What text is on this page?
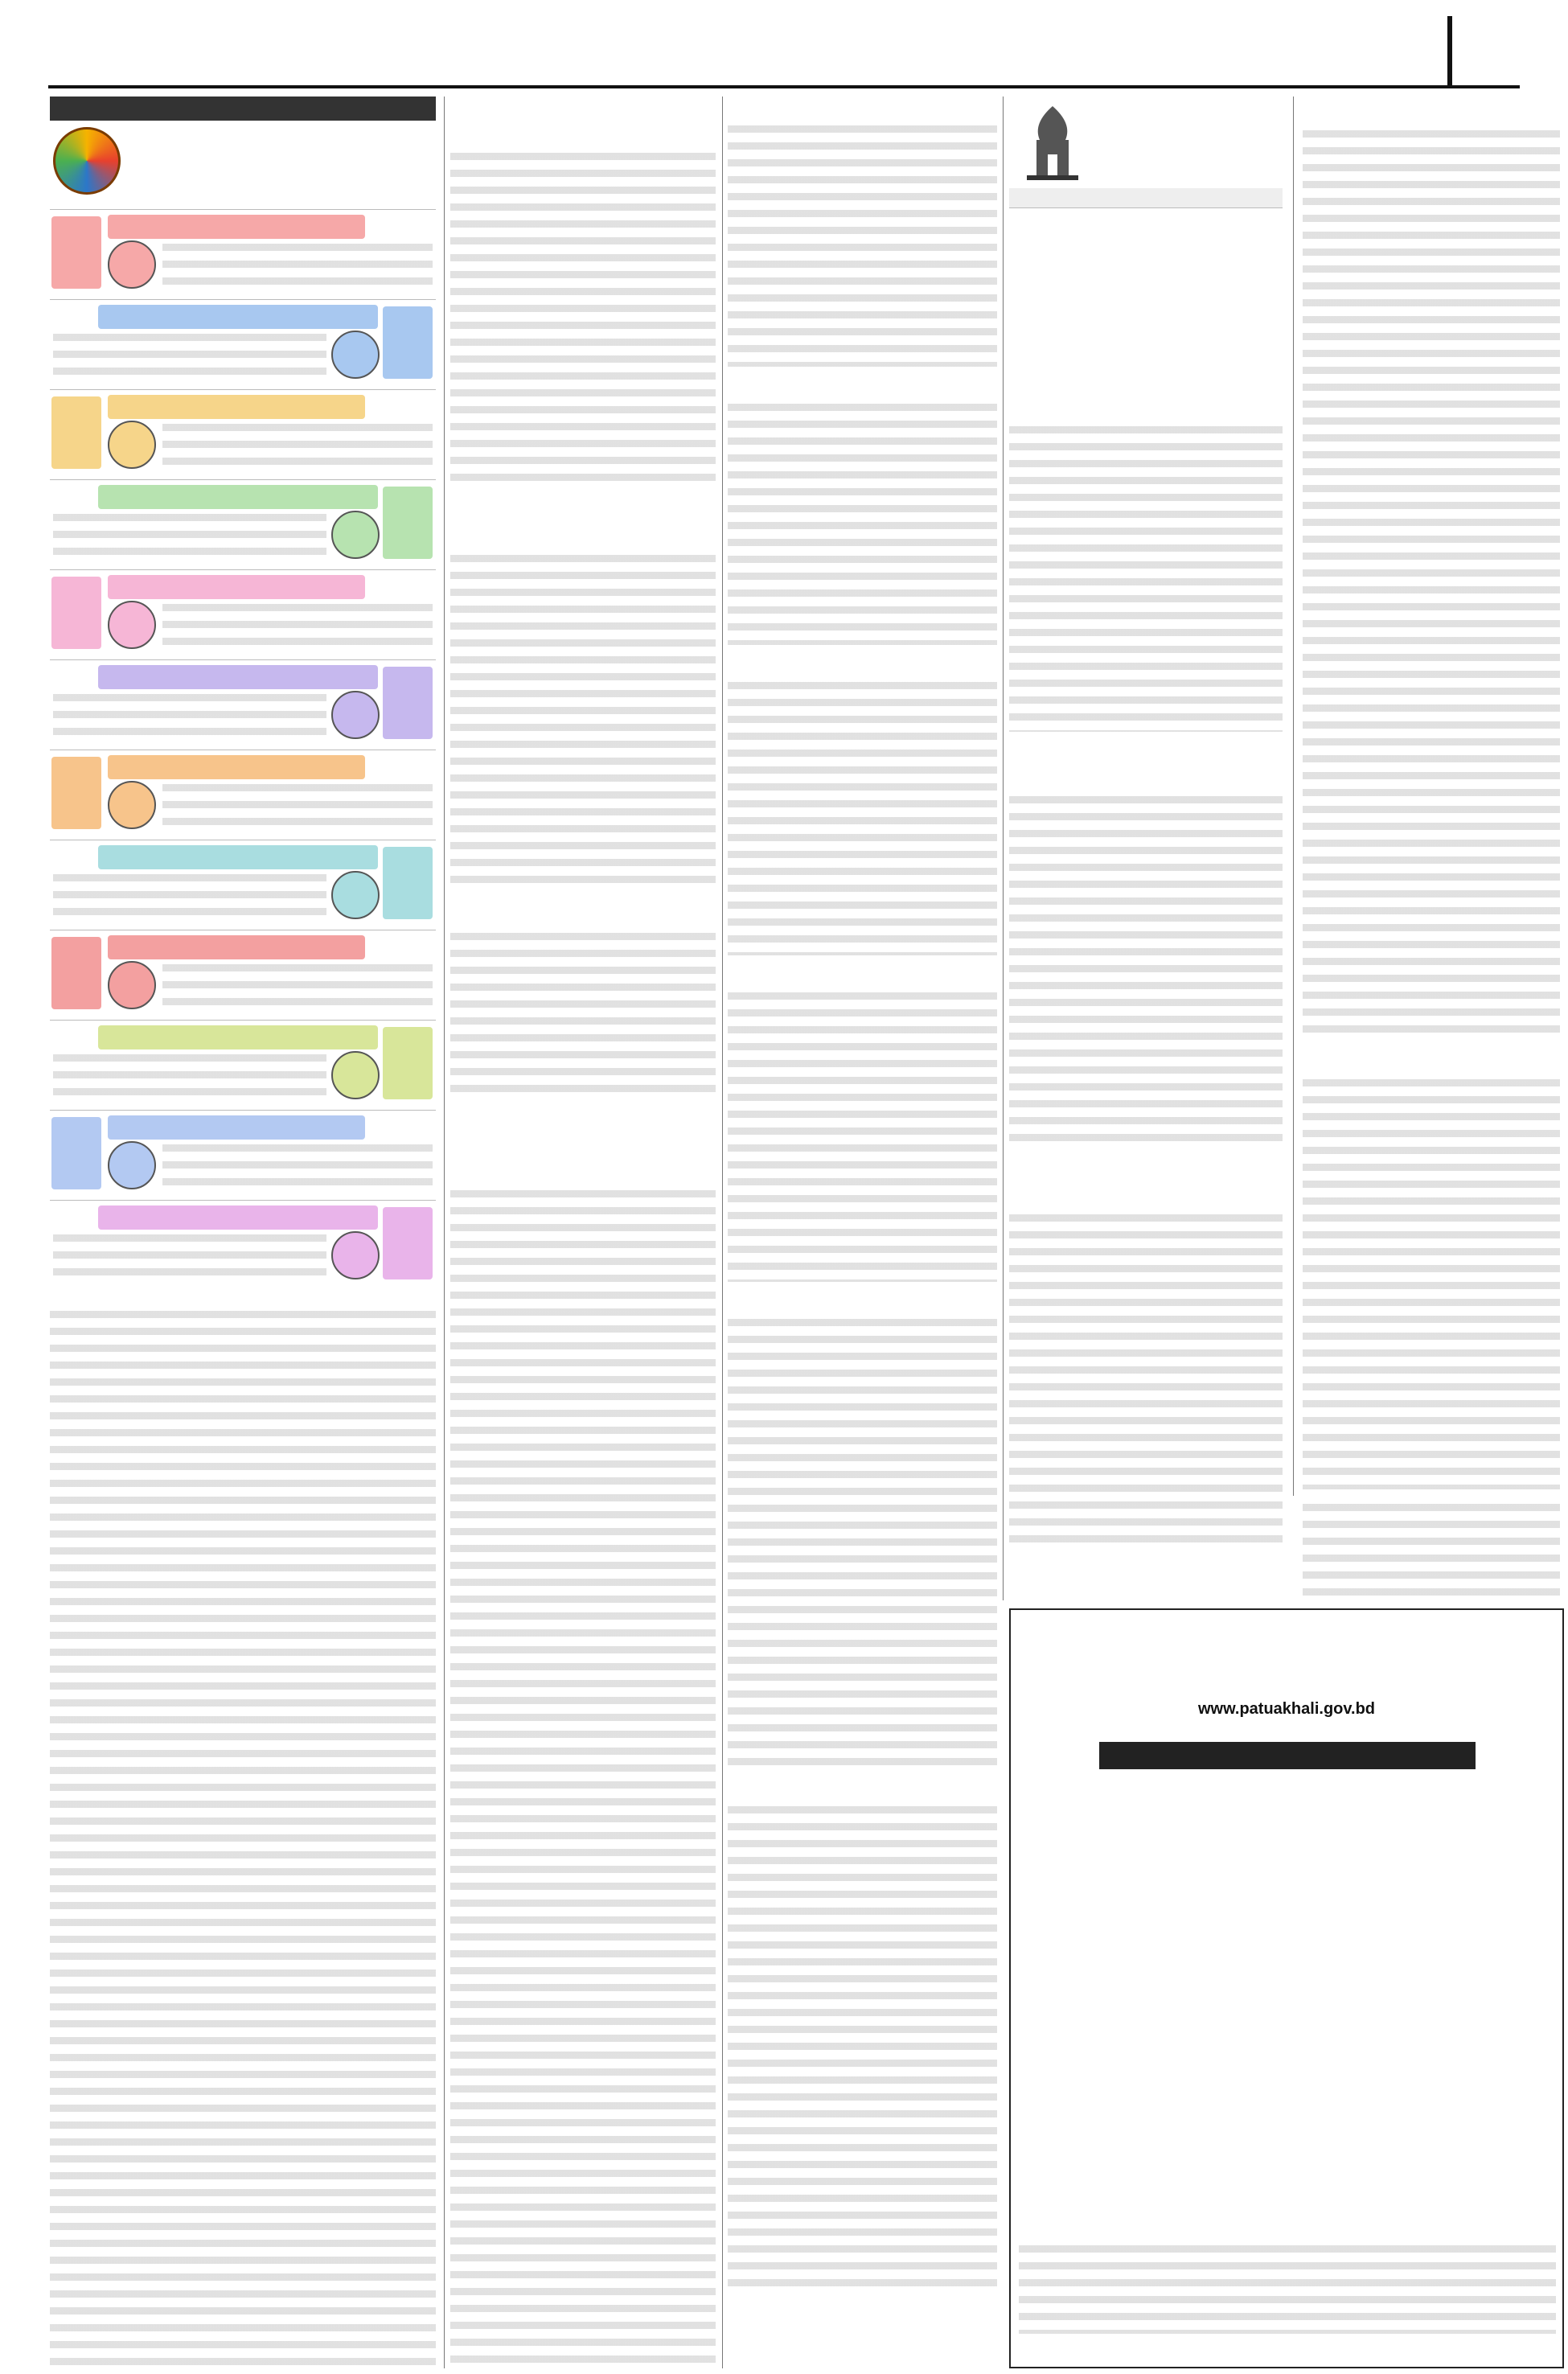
www.patuakhali.gov.bd
